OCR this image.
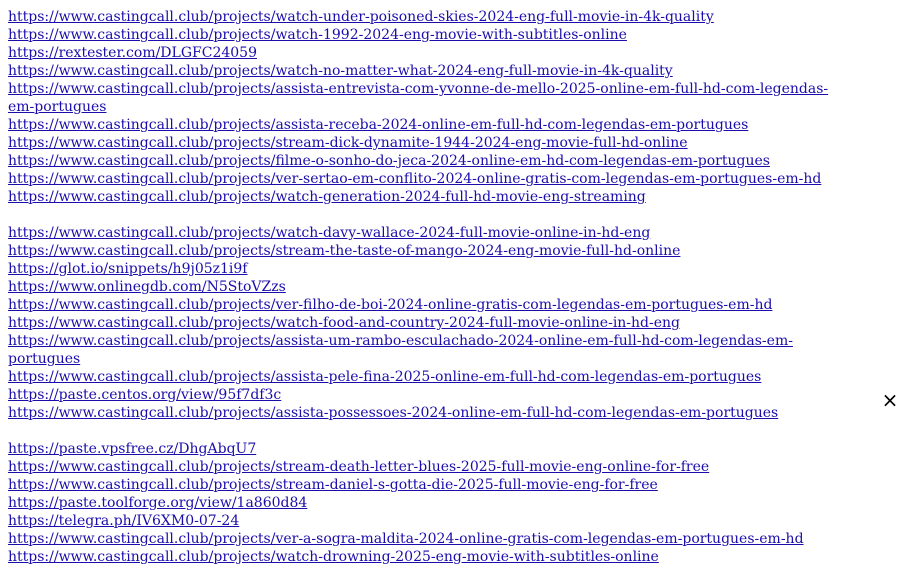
https://www.castingcall.club/projects/watch-under-poisoned-skies-2024-eng-full-movie-in-4k-quality
https://www.castingcall.club/projects/watch-1992-2024-eng-movie-with-subtitles-online
https://rextester.com/DLGFC24059
https://www.castingcall.club/projects/watch-no-matter-what-2024-eng-full-movie-in-4k-quality
https://www.castingcall.club/projects/assista-entrevista-com-yvonne-de-mello-2025-online-em-full-hd-com-legendas-em-portugues
https://www.castingcall.club/projects/assista-receba-2024-online-em-full-hd-com-legendas-em-portugues
https://www.castingcall.club/projects/stream-dick-dynamite-1944-2024-eng-movie-full-hd-online
https://www.castingcall.club/projects/filme-o-sonho-do-jeca-2024-online-em-hd-com-legendas-em-portugues
https://www.castingcall.club/projects/ver-sertao-em-conflito-2024-online-gratis-com-legendas-em-portugues-em-hd
https://www.castingcall.club/projects/watch-generation-2024-full-hd-movie-eng-streaming
https://www.castingcall.club/projects/watch-davy-wallace-2024-full-movie-online-in-hd-eng
https://www.castingcall.club/projects/stream-the-taste-of-mango-2024-eng-movie-full-hd-online
https://glot.io/snippets/h9j05z1i9f
https://www.onlinegdb.com/N5StoVZzs
https://www.castingcall.club/projects/ver-filho-de-boi-2024-online-gratis-com-legendas-em-portugues-em-hd
https://www.castingcall.club/projects/watch-food-and-country-2024-full-movie-online-in-hd-eng
https://www.castingcall.club/projects/assista-um-rambo-esculachado-2024-online-em-full-hd-com-legendas-em-portugues
https://www.castingcall.club/projects/assista-pele-fina-2025-online-em-full-hd-com-legendas-em-portugues
https://paste.centos.org/view/95f7df3c
https://www.castingcall.club/projects/assista-possessoes-2024-online-em-full-hd-com-legendas-em-portugues
https://paste.vpsfree.cz/DhgAbqU7
https://www.castingcall.club/projects/stream-death-letter-blues-2025-full-movie-eng-online-for-free
https://www.castingcall.club/projects/stream-daniel-s-gotta-die-2025-full-movie-eng-for-free
https://paste.toolforge.org/view/1a860d84
https://telegra.ph/IV6XM0-07-24
https://www.castingcall.club/projects/ver-a-sogra-maldita-2024-online-gratis-com-legendas-em-portugues-em-hd
https://www.castingcall.club/projects/watch-drowning-2025-eng-movie-with-subtitles-online
×
